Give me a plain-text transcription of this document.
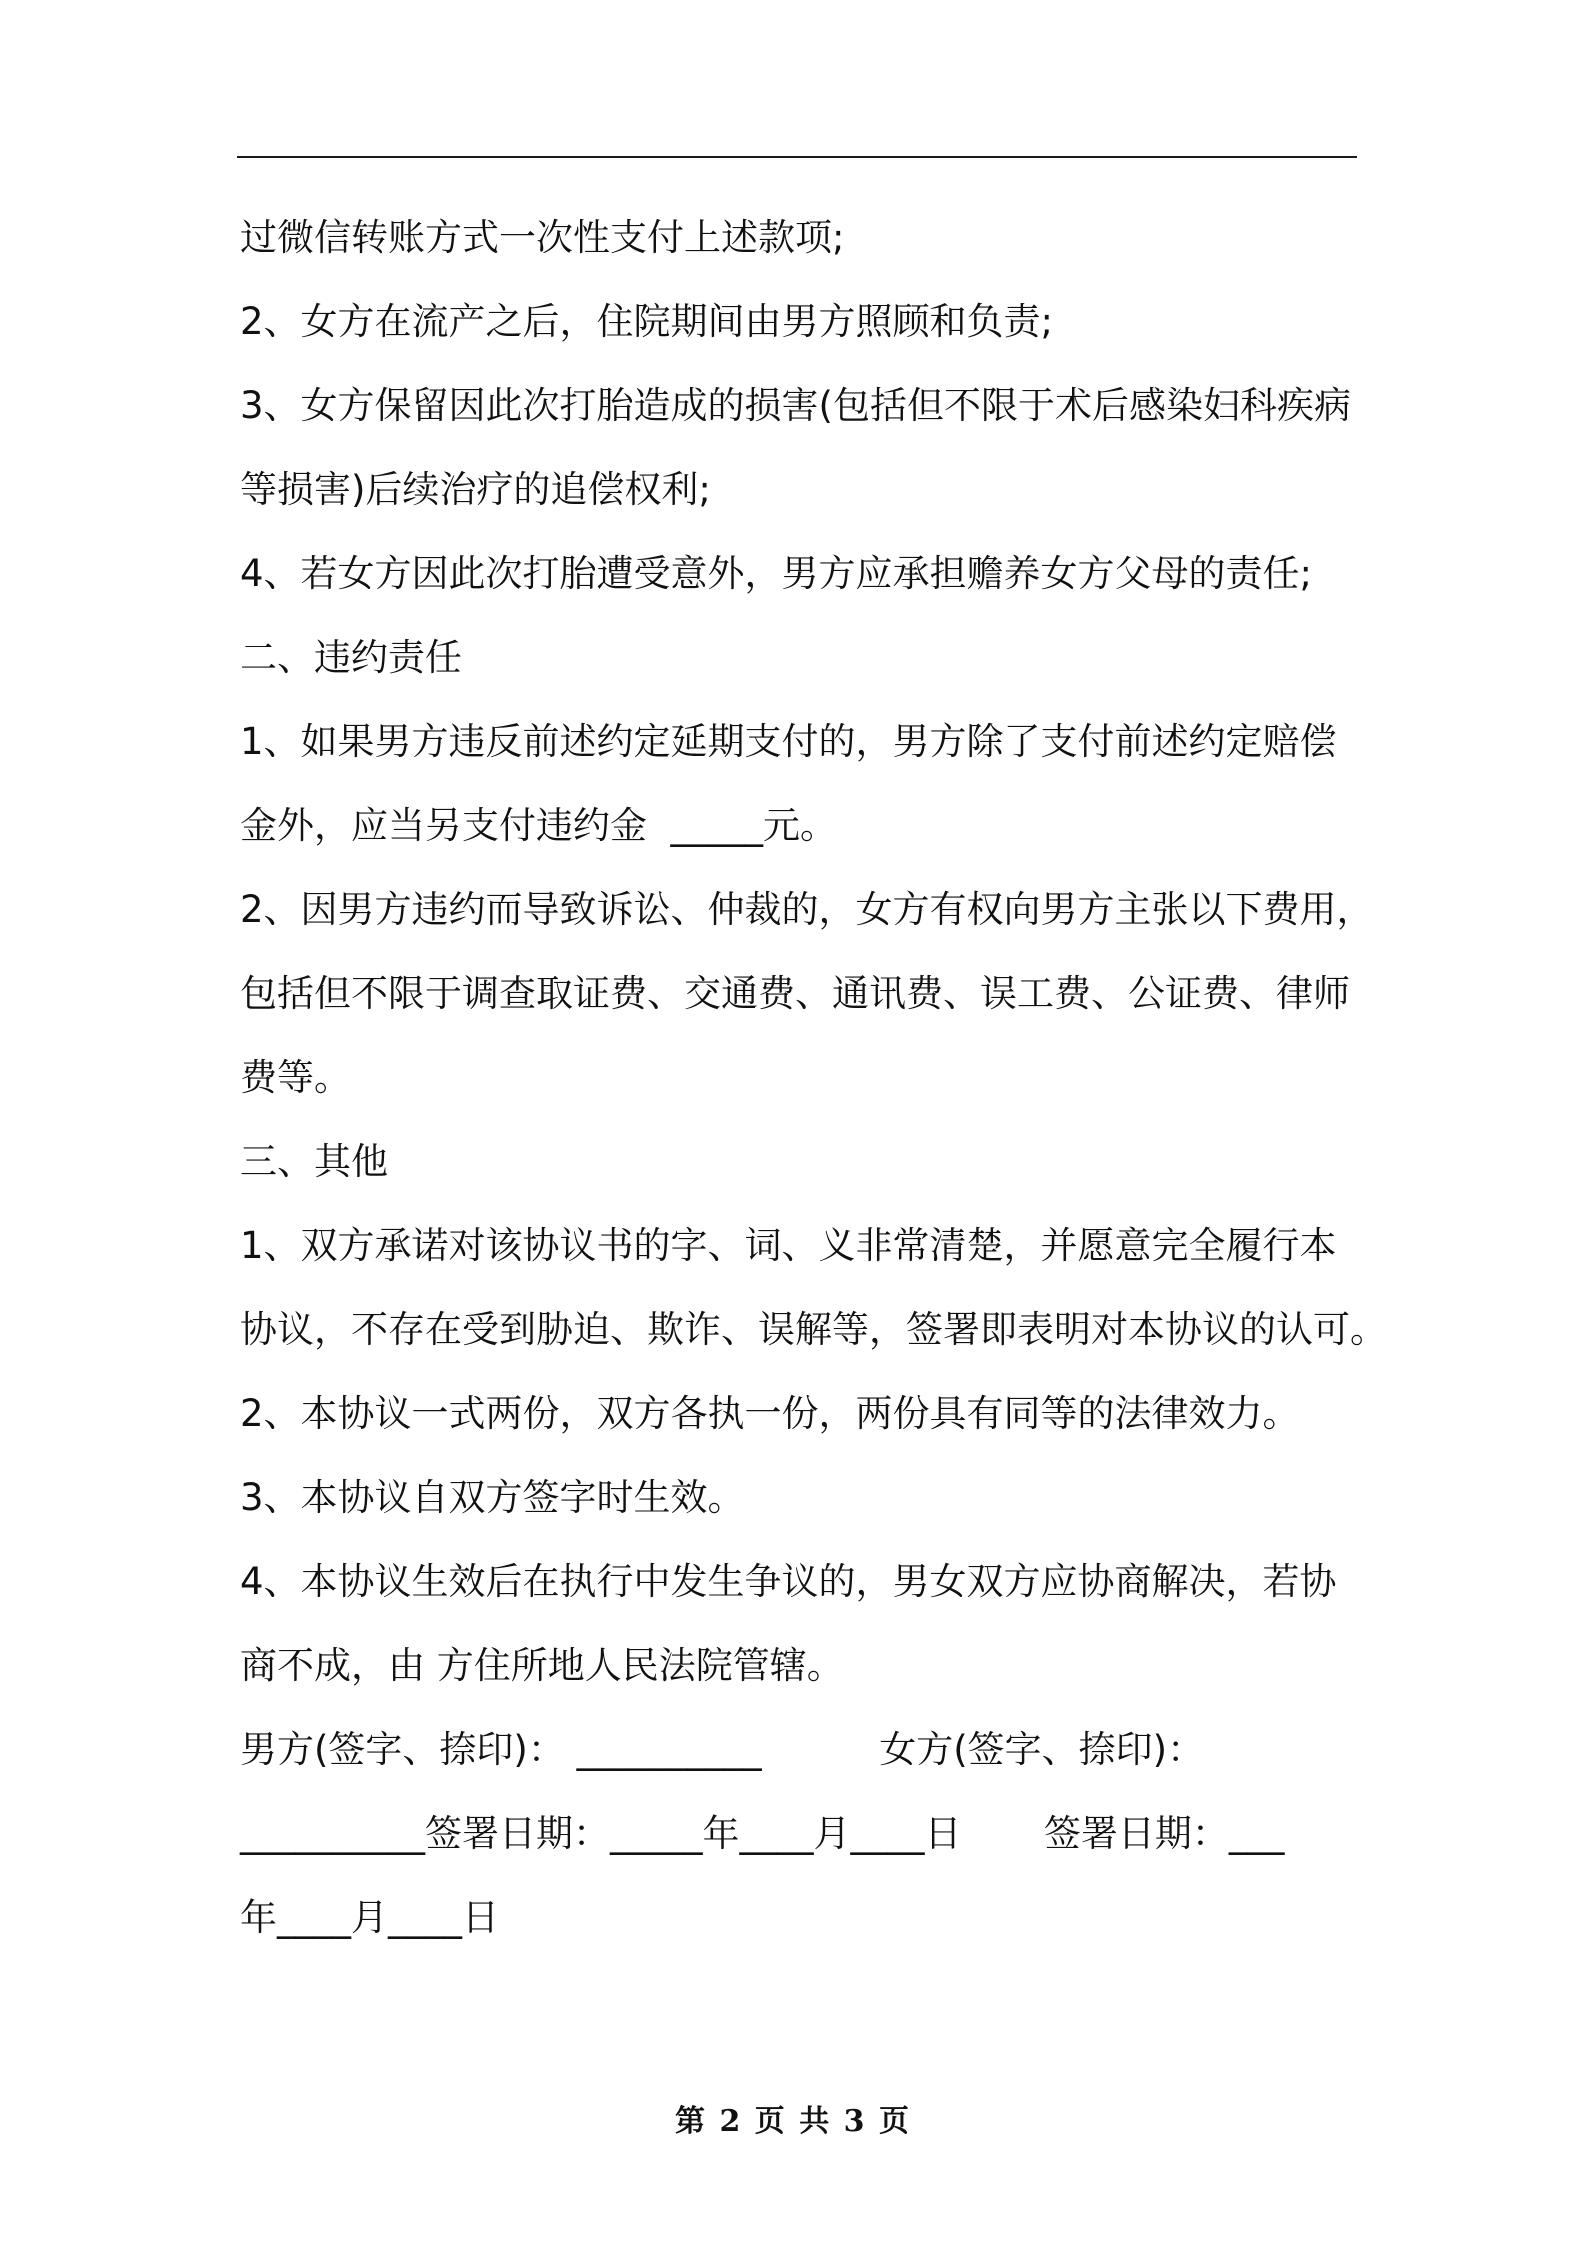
过微信转账方式一次性支付上述款项;
2、女方在流产之后，住院期间由男方照顾和负责;
3、女方保留因此次打胎造成的损害(包括但不限于术后感染妇科疾病
等损害)后续治疗的追偿权利;
4、若女方因此次打胎遭受意外，男方应承担赡养女方父母的责任;
二、违约责任
1、如果男方违反前述约定延期支付的，男方除了支付前述约定赔偿
金外，应当另支付违约金  _____元。
2、因男方违约而导致诉讼、仲裁的，女方有权向男方主张以下费用，
包括但不限于调查取证费、交通费、通讯费、误工费、公证费、律师
费等。
三、其他
1、双方承诺对该协议书的字、词、义非常清楚，并愿意完全履行本
协议，不存在受到胁迫、欺诈、误解等，签署即表明对本协议的认可。
2、本协议一式两份，双方各执一份，两份具有同等的法律效力。
3、本协议自双方签字时生效。
4、本协议生效后在执行中发生争议的，男女双方应协商解决，若协
商不成，由 方住所地人民法院管辖。
男方(签字、捺印)： __________          女方(签字、捺印)：
__________签署日期：_____年____月____日       签署日期：___
年____月____日
第 2 页 共 3 页
